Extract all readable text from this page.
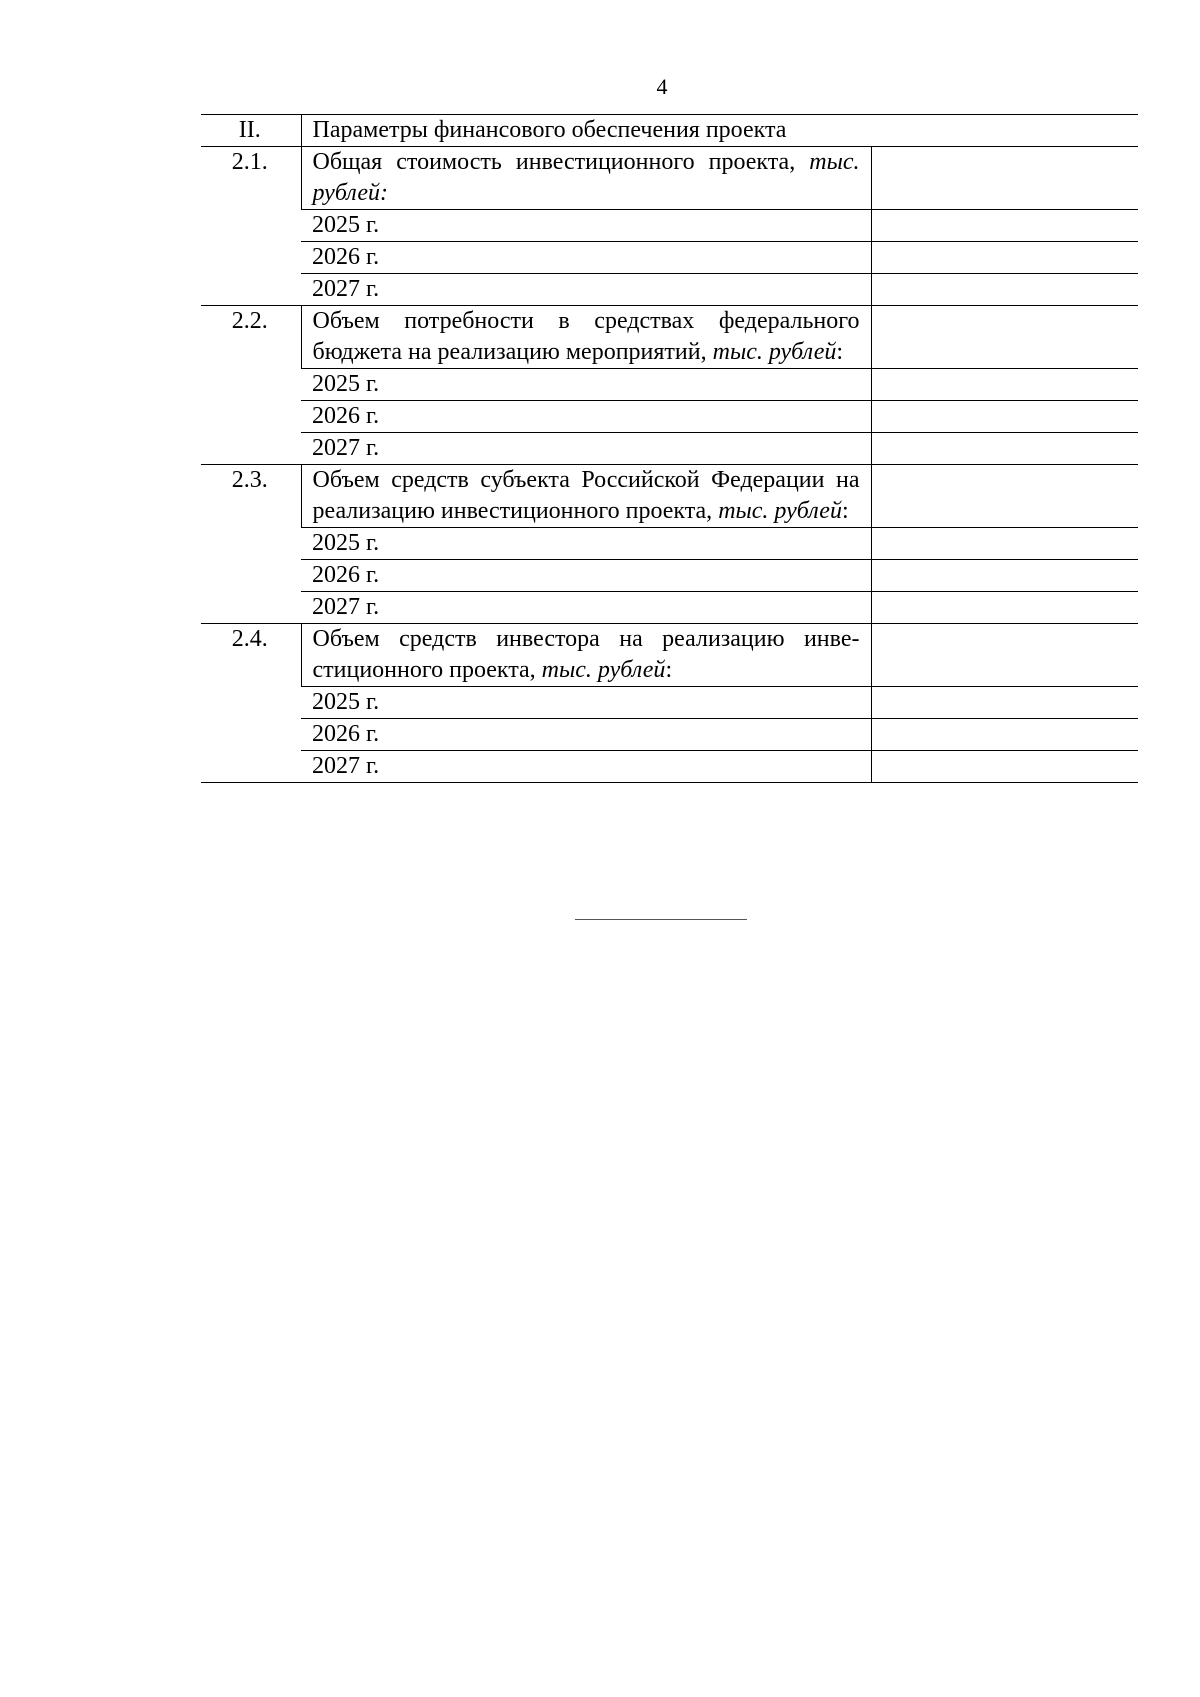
4
II.	Параметры финансового обеспечения проекта	
2.1.	Общая стоимость инвестиционного проекта, тыс. рублей:	
	2025 г.	
	2026 г.	
	2027 г.	
2.2.	Объем потребности в средствах федерального бюджета на реализацию мероприятий, тыс. рублей:	
	2025 г.	
	2026 г.	
	2027 г.	
2.3.	Объем средств субъекта Российской Федерации на реализацию инвестиционного проекта, тыс. рублей:	
	2025 г.	
	2026 г.	
	2027 г.	
2.4.	Объем средств инвестора на реализацию инвестиционного проекта, тыс. рублей:	
	2025 г.	
	2026 г.	
	2027 г.	
